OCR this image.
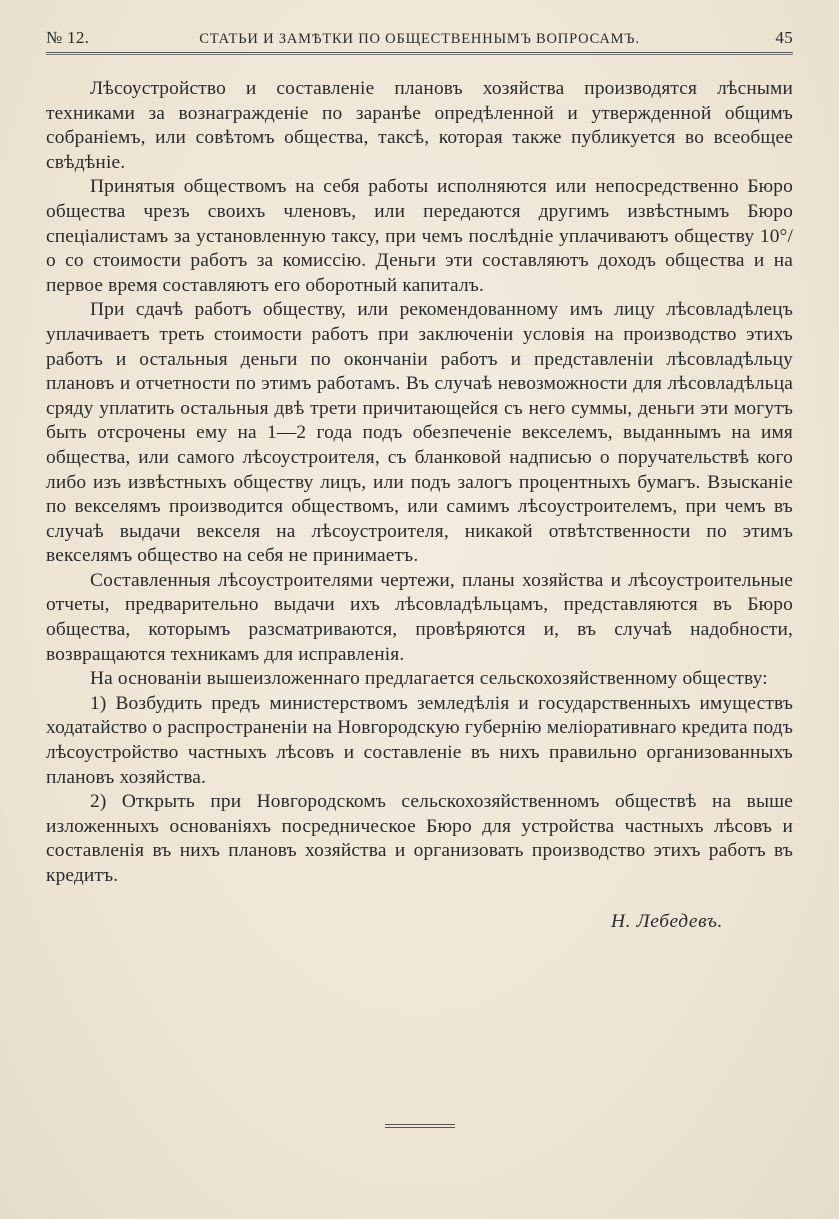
№ 12.	СТАТЬИ И ЗАМѢТКИ ПО ОБЩЕСТВЕННЫМЪ ВОПРОСАМЪ.	45

Лѣсоустройство и составленіе плановъ хозяйства производятся лѣсными техниками за вознагражденіе по заранѣе опредѣленной и утвержденной общимъ собраніемъ, или совѣтомъ общества, таксѣ, которая также публикуется во всеобщее свѣдѣніе.

Принятыя обществомъ на себя работы исполняются или непосредственно Бюро общества чрезъ своихъ членовъ, или передаются другимъ извѣстнымъ Бюро спеціалистамъ за установленную таксу, при чемъ послѣдніе уплачиваютъ обществу 10°/о со стоимости работъ за комиссію. Деньги эти составляютъ доходъ общества и на первое время составляютъ его оборотный капиталъ.

При сдачѣ работъ обществу, или рекомендованному имъ лицу лѣсовладѣлецъ уплачиваетъ треть стоимости работъ при заключеніи условія на производство этихъ работъ и остальныя деньги по окончаніи работъ и представленіи лѣсовладѣльцу плановъ и отчетности по этимъ работамъ. Въ случаѣ невозможности для лѣсовладѣльца сряду уплатить остальныя двѣ трети причитающейся съ него суммы, деньги эти могутъ быть отсрочены ему на 1—2 года подъ обезпеченіе векселемъ, выданнымъ на имя общества, или самого лѣсоустроителя, съ бланковой надписью о поручательствѣ кого либо изъ извѣстныхъ обществу лицъ, или подъ залогъ процентныхъ бумагъ. Взысканіе по векселямъ производится обществомъ, или самимъ лѣсоустроителемъ, при чемъ въ случаѣ выдачи векселя на лѣсоустроителя, никакой отвѣтственности по этимъ векселямъ общество на себя не принимаетъ.

Составленныя лѣсоустроителями чертежи, планы хозяйства и лѣсоустроительные отчеты, предварительно выдачи ихъ лѣсовладѣльцамъ, представляются въ Бюро общества, которымъ разсматриваются, провѣряются и, въ случаѣ надобности, возвращаются техникамъ для исправленія.

На основаніи вышеизложеннаго предлагается сельскохозяйственному обществу:

1) Возбудить предъ министерствомъ земледѣлія и государственныхъ имуществъ ходатайство о распространеніи на Новгородскую губернію меліоративнаго кредита подъ лѣсоустройство частныхъ лѣсовъ и составленіе въ нихъ правильно организованныхъ плановъ хозяйства.

2) Открыть при Новгородскомъ сельскохозяйственномъ обществѣ на выше изложенныхъ основаніяхъ посредническое Бюро для устройства частныхъ лѣсовъ и составленія въ нихъ плановъ хозяйства и организовать производство этихъ работъ въ кредитъ.

Н. Лебедевъ.
